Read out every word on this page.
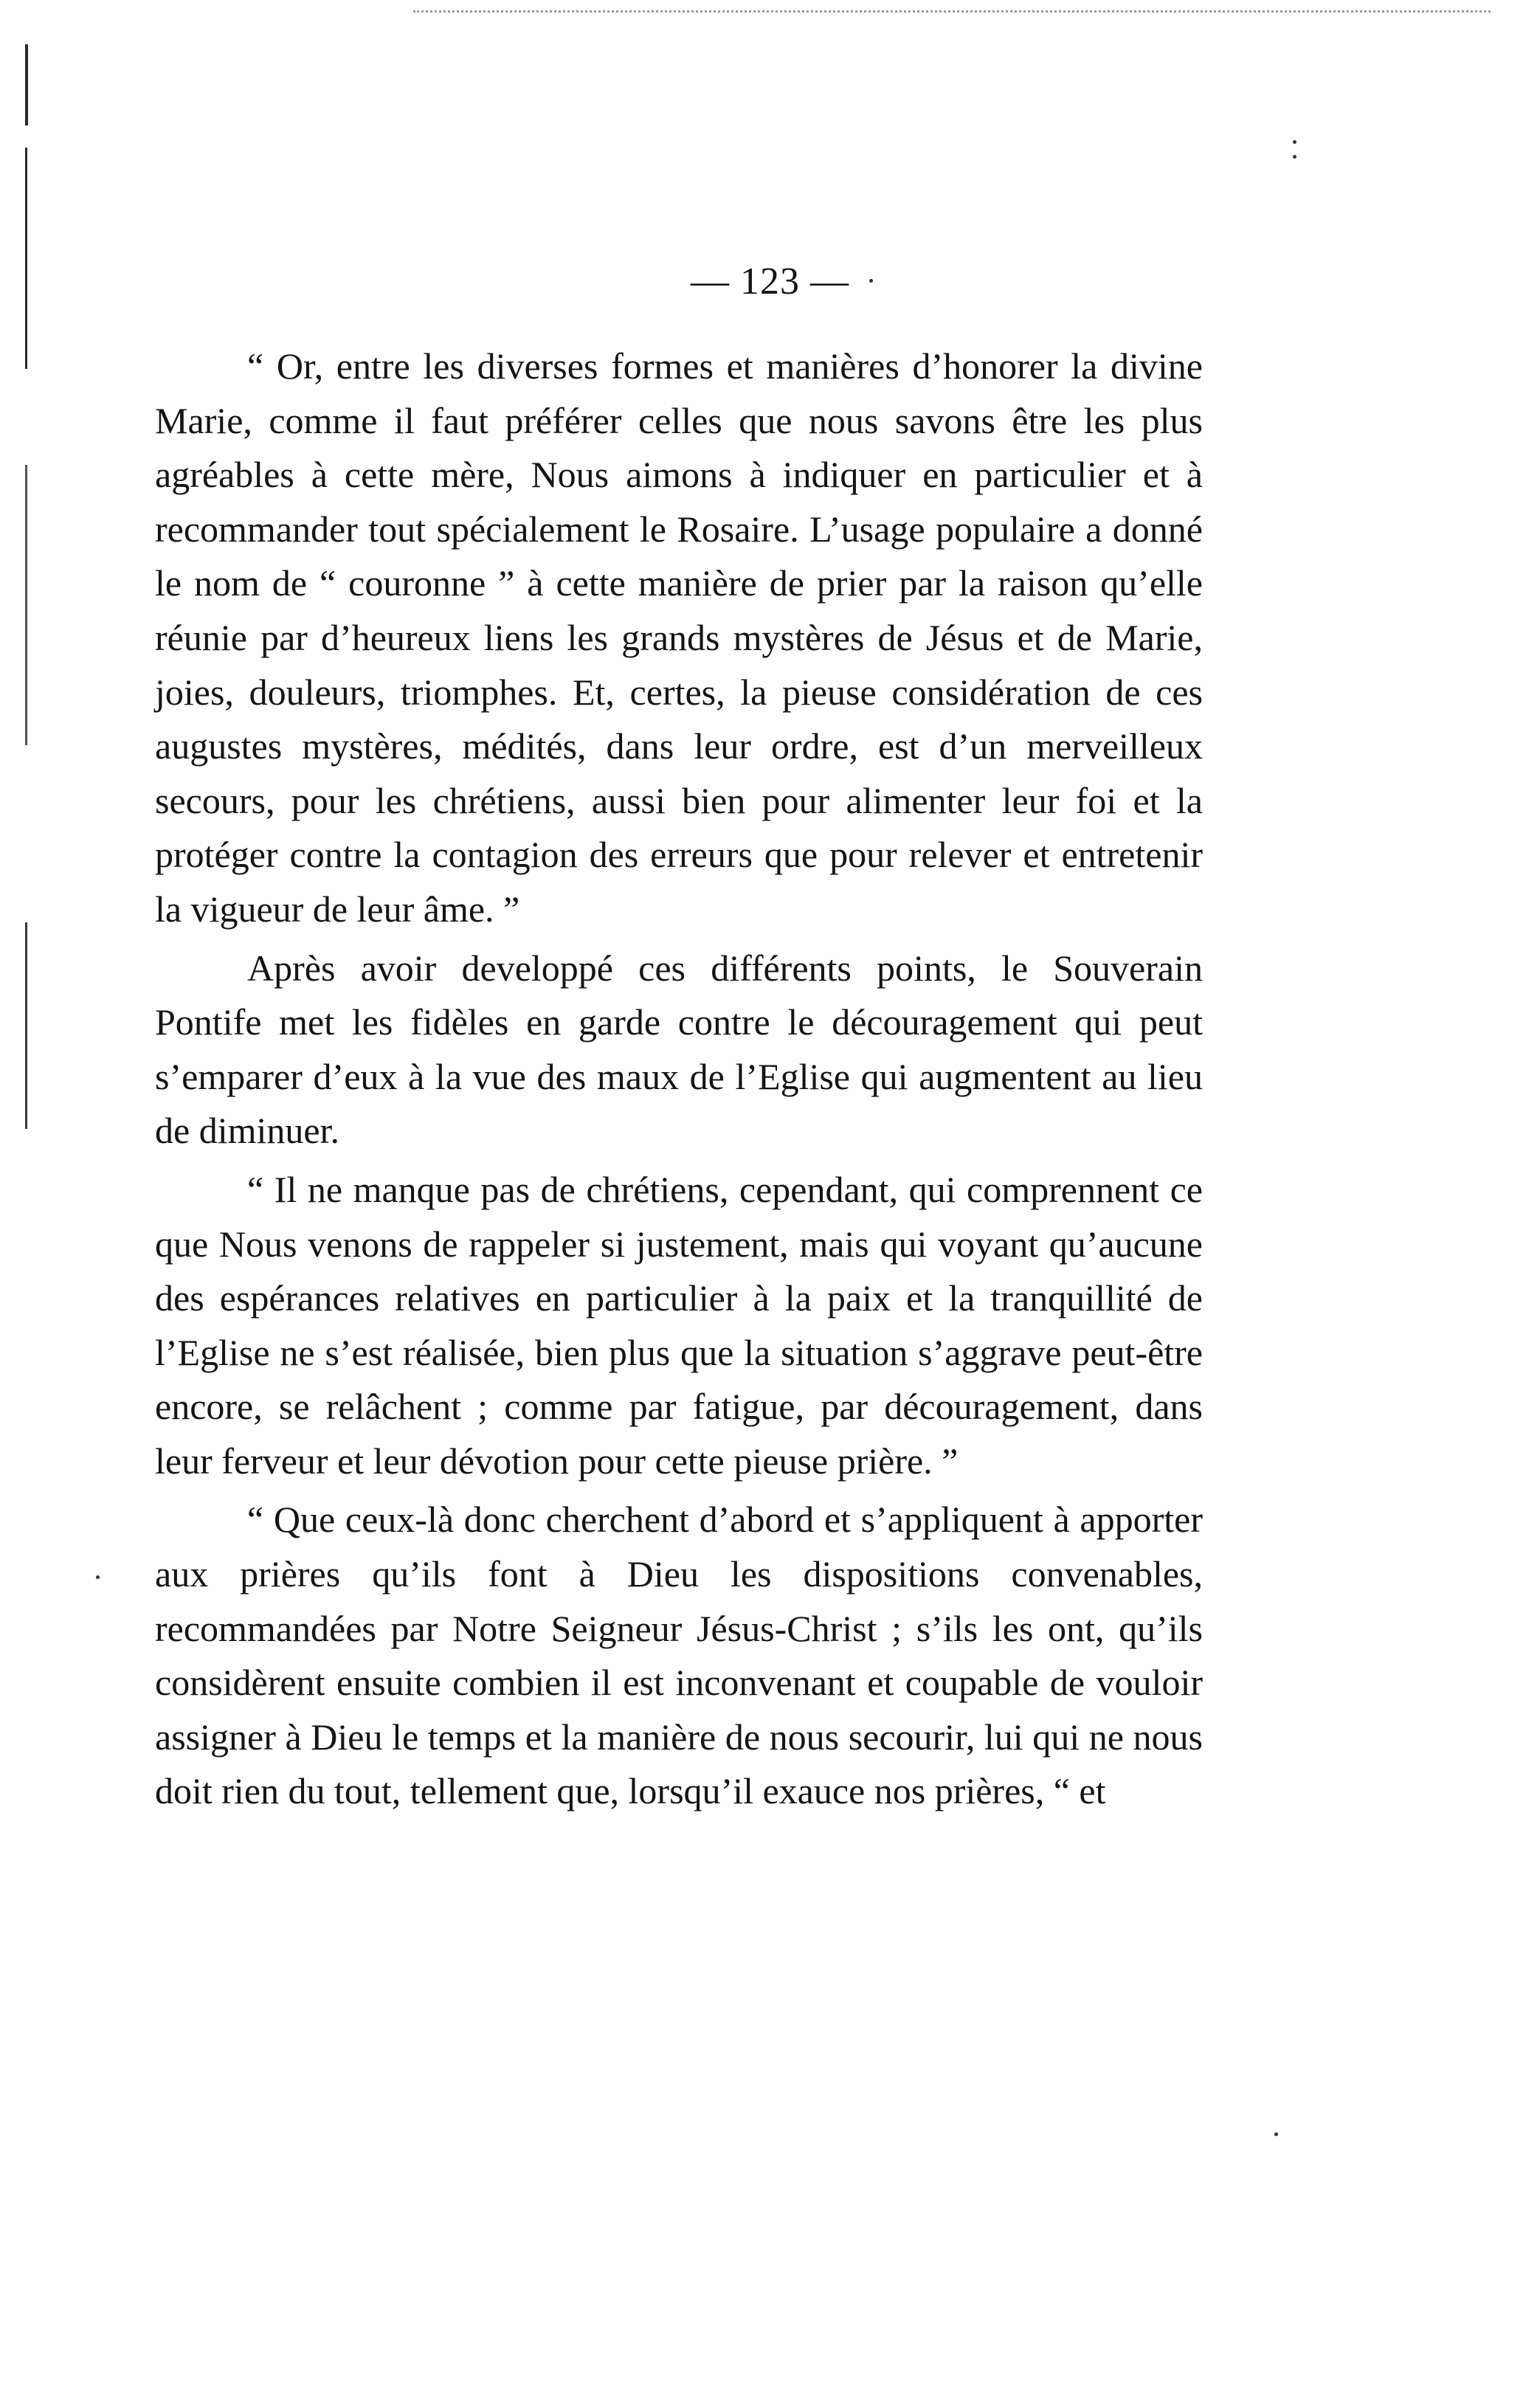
— 123 —

“ Or, entre les diverses formes et manières d’honorer la divine Marie, comme il faut préférer celles que nous savons être les plus agréables à cette mère, Nous aimons à indiquer en particulier et à recommander tout spécialement le Rosaire. L’usage populaire a donné le nom de “ couronne ” à cette manière de prier par la raison qu’elle réunie par d’heureux liens les grands mystères de Jésus et de Marie, joies, douleurs, triomphes. Et, certes, la pieuse considération de ces augustes mystères, médités, dans leur ordre, est d’un merveilleux secours, pour les chrétiens, aussi bien pour alimenter leur foi et la protéger contre la contagion des erreurs que pour relever et entretenir la vigueur de leur âme. ”

Après avoir developpé ces différents points, le Souverain Pontife met les fidèles en garde contre le découragement qui peut s’emparer d’eux à la vue des maux de l’Eglise qui augmentent au lieu de diminuer.

“ Il ne manque pas de chrétiens, cependant, qui comprennent ce que Nous venons de rappeler si justement, mais qui voyant qu’aucune des espérances relatives en particulier à la paix et la tranquillité de l’Eglise ne s’est réalisée, bien plus que la situation s’aggrave peut-être encore, se relâchent ; comme par fatigue, par découragement, dans leur ferveur et leur dévotion pour cette pieuse prière. ”

“ Que ceux-là donc cherchent d’abord et s’appliquent à apporter aux prières qu’ils font à Dieu les dispositions convenables, recommandées par Notre Seigneur Jésus-Christ ; s’ils les ont, qu’ils considèrent ensuite combien il est inconvenant et coupable de vouloir assigner à Dieu le temps et la manière de nous secourir, lui qui ne nous doit rien du tout, tellement que, lorsqu’il exauce nos prières, “ et
